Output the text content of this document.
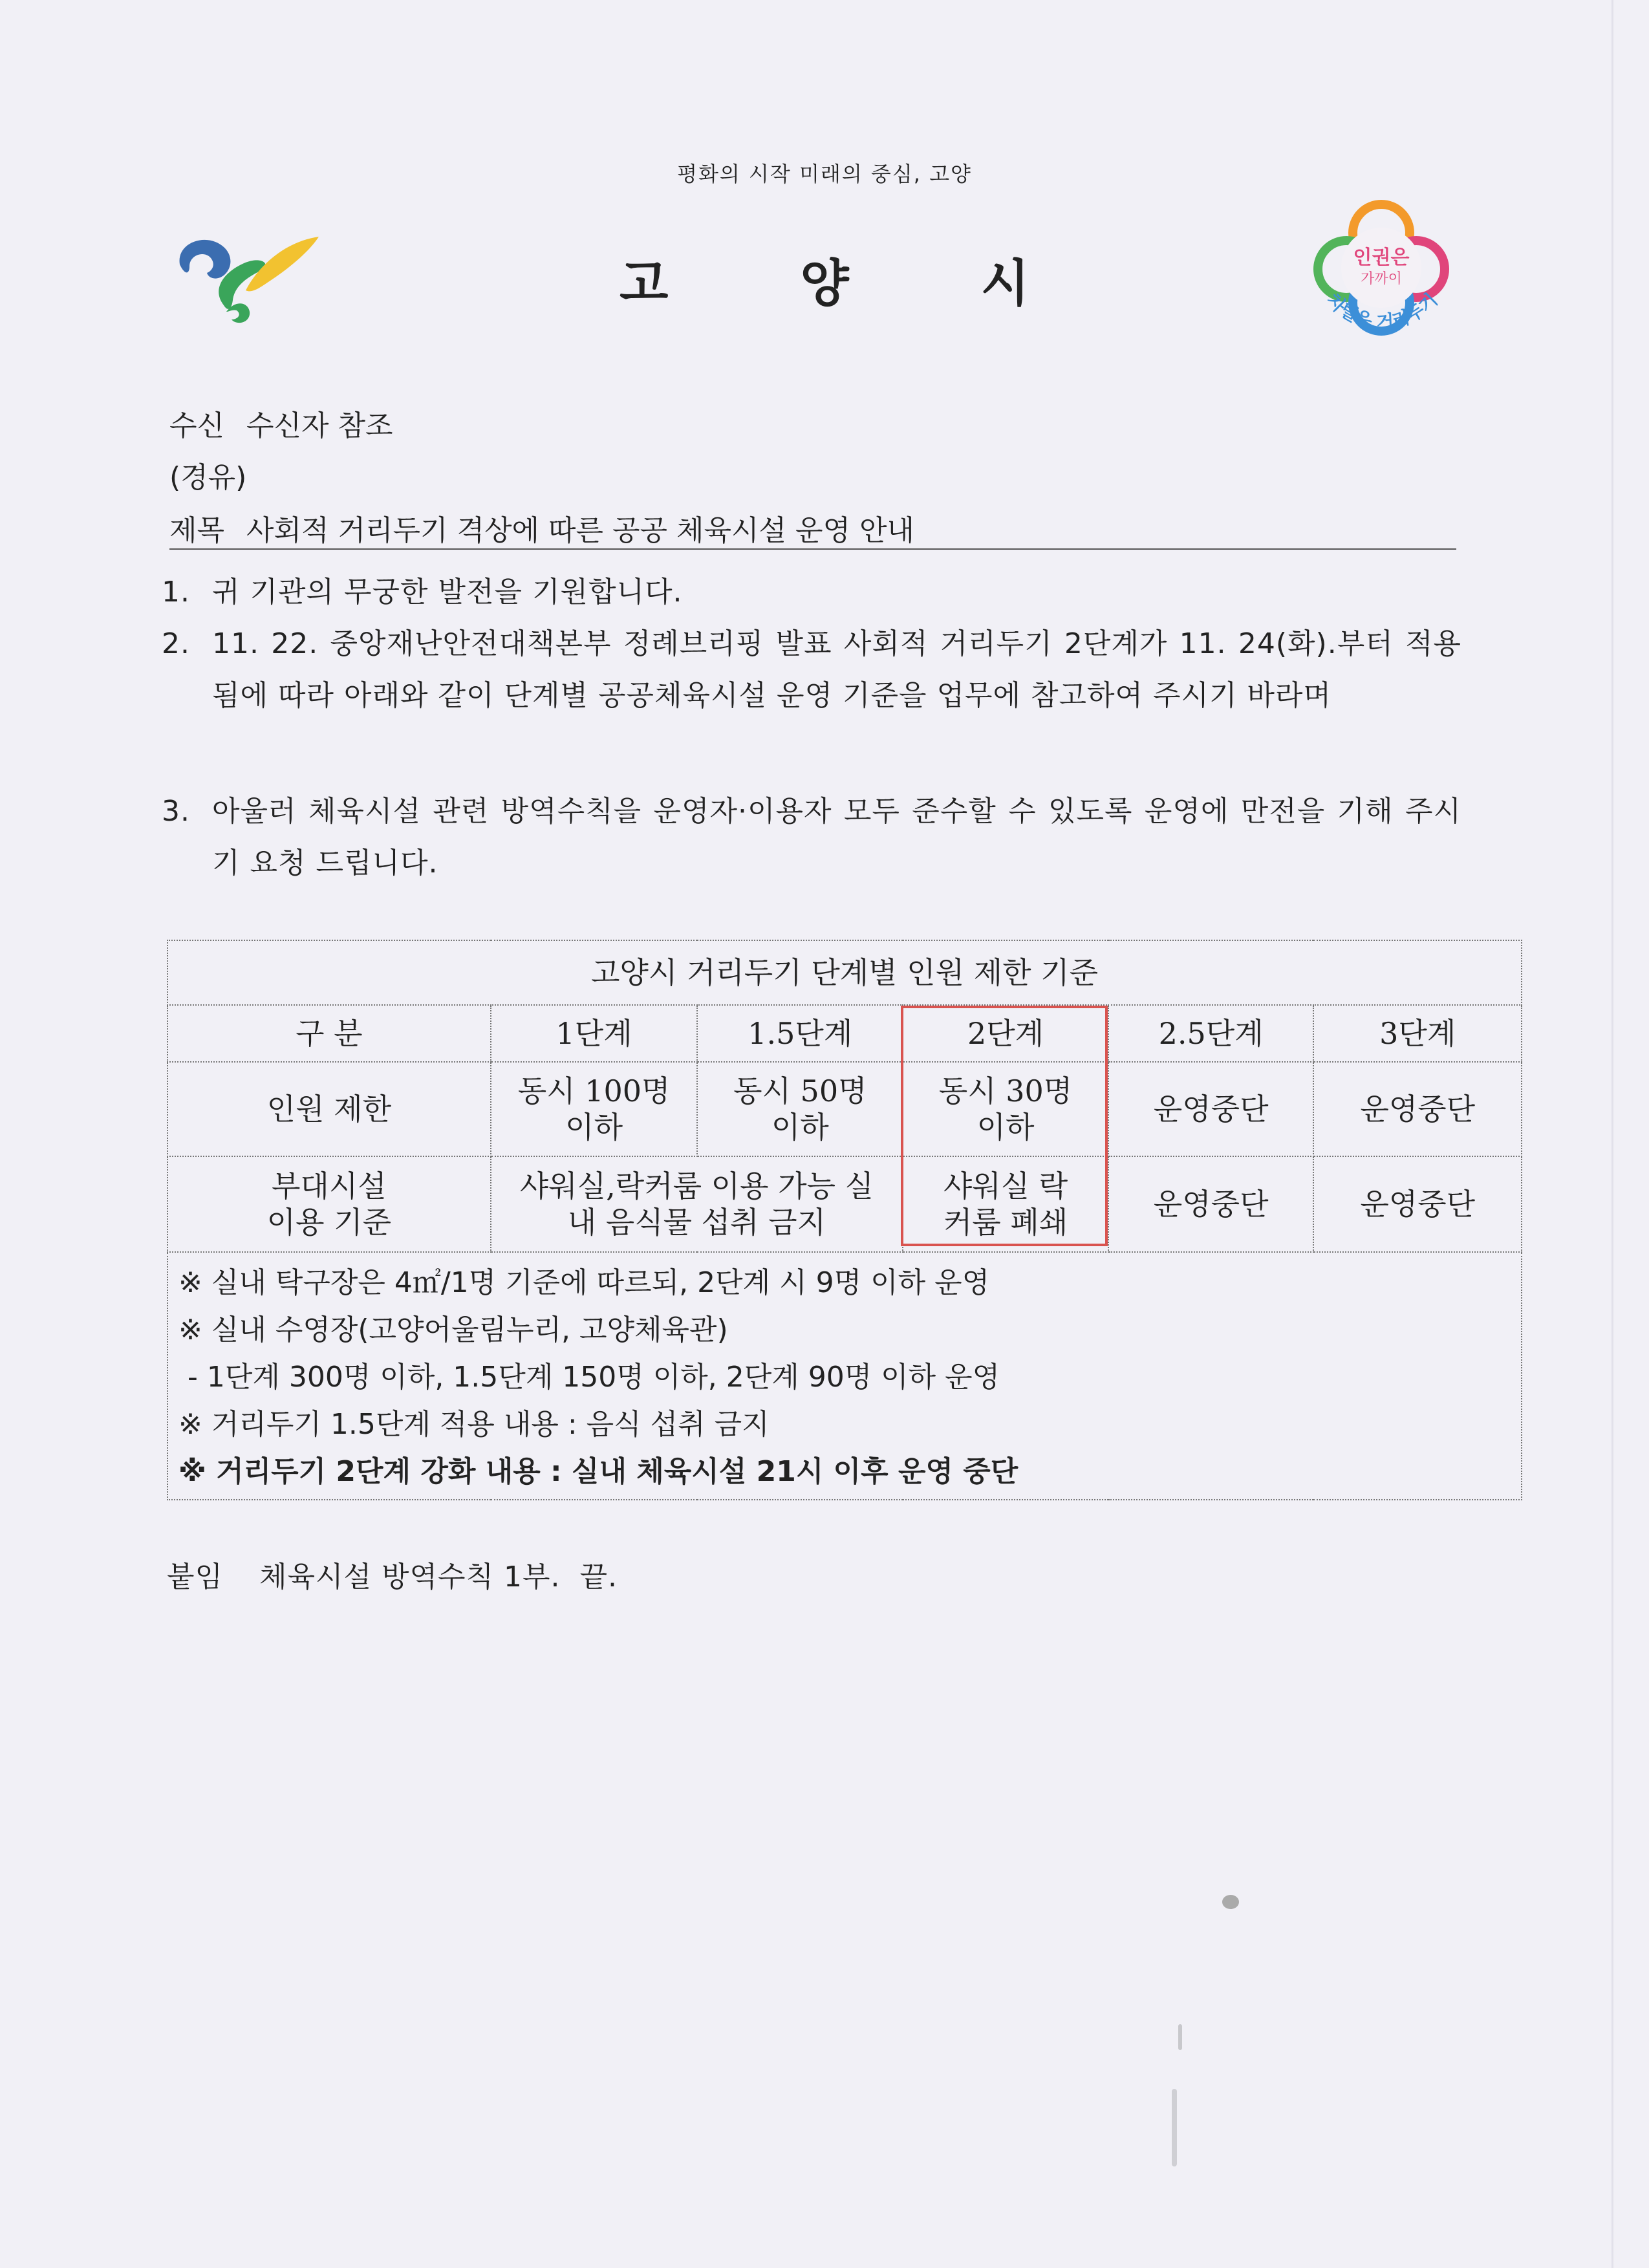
평화의 시작 미래의 중심, 고양
고	양	시	인권은
가까이
차별은 거리두기
수신 수신자 참조
(경유)
제목 사회적 거리두기 격상에 따른 공공 체육시설 운영 안내
1. 귀 기관의 무궁한 발전을 기원합니다.
2. 11. 22. 중앙재난안전대책본부 정례브리핑 발표 사회적 거리두기 2단계가 11. 24(화).부터 적용됨에 따라 아래와 같이 단계별 공공체육시설 운영 기준을 업무에 참고하여 주시기 바라며
3. 아울러 체육시설 관련 방역수칙을 운영자·이용자 모두 준수할 수 있도록 운영에 만전을 기해 주시기 요청 드립니다.
고양시 거리두기 단계별 인원 제한 기준					
구 분	1단계	1.5단계	2단계	2.5단계	3단계
인원 제한	동시 100명 이하	동시 50명 이하	동시 30명 이하	운영중단	운영중단
부대시설 이용 기준	샤워실,락커룸 이용 가능 실내 음식물 섭취 금지		샤워실 락커룸 폐쇄	운영중단	운영중단

※ 실내 탁구장은 4㎡/1명 기준에 따르되, 2단계 시 9명 이하 운영
※ 실내 수영장(고양어울림누리, 고양체육관)
- 1단계 300명 이하, 1.5단계 150명 이하, 2단계 90명 이하 운영
※ 거리두기 1.5단계 적용 내용 : 음식 섭취 금지
※ 거리두기 2단계 강화 내용 : 실내 체육시설 21시 이후 운영 중단					
붙임 체육시설 방역수칙 1부.  끝.
